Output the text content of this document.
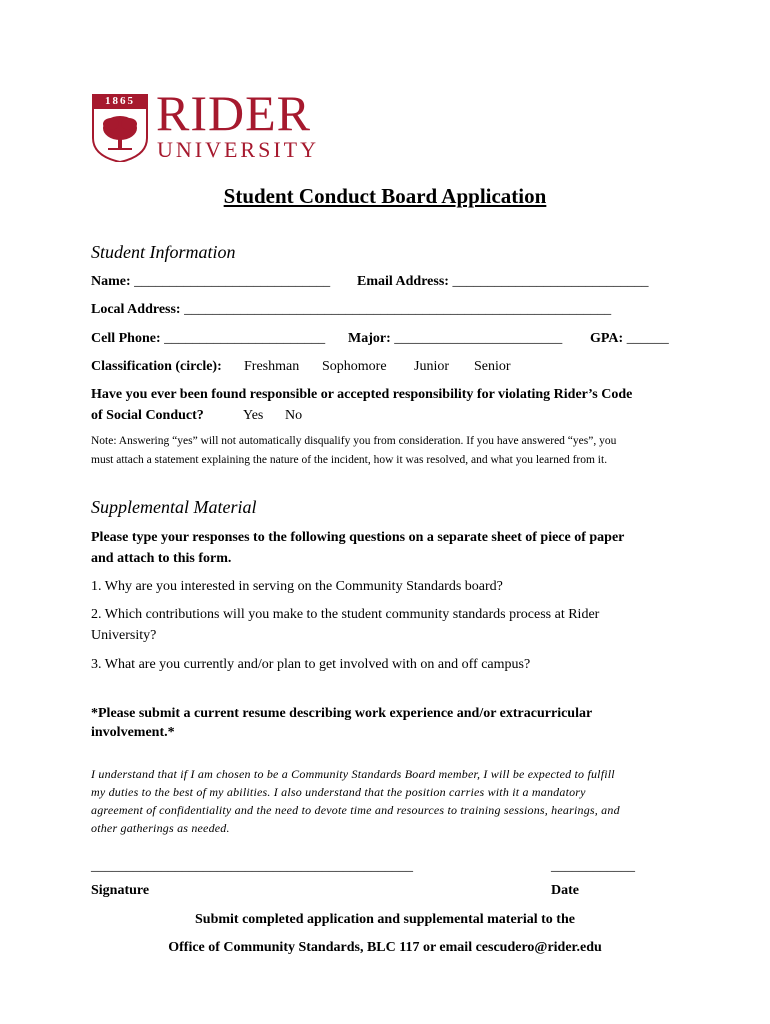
1865 RIDER
UNIVERSITY
Student Conduct Board Application
Student Information
Name: ____________________________ Email Address: ____________________________
Local Address: _____________________________________________________________
Cell Phone: _______________________ Major: ________________________ GPA: ______
Classification (circle): Freshman Sophomore Junior Senior
Have you ever been found responsible or accepted responsibility for violating Rider’s Code
of Social Conduct?	Yes No
Note: Answering “yes” will not automatically disqualify you from consideration. If you have answered “yes”, you
must attach a statement explaining the nature of the incident, how it was resolved, and what you learned from it.
Supplemental Material
Please type your responses to the following questions on a separate sheet of piece of paper
and attach to this form.
1. Why are you interested in serving on the Community Standards board?
2. Which contributions will you make to the student community standards process at Rider
University?
3. What are you currently and/or plan to get involved with on and off campus?
*Please submit a current resume describing work experience and/or extracurricular
involvement.*
I understand that if I am chosen to be a Community Standards Board member, I will be expected to fulfill
my duties to the best of my abilities. I also understand that the position carries with it a mandatory
agreement of confidentiality and the need to devote time and resources to training sessions, hearings, and
other gatherings as needed.
______________________________________________	____________
Signature	Date
Submit completed application and supplemental material to the
Office of Community Standards, BLC 117 or email cescudero@rider.edu
